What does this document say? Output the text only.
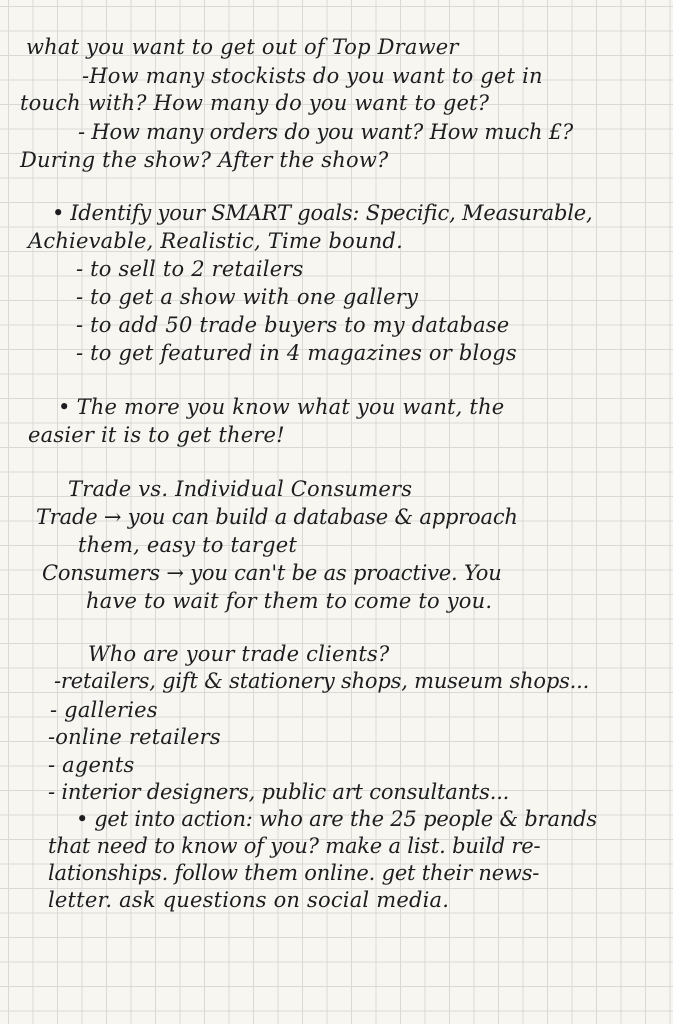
what you want to get out of Top Drawer
-How many stockists do you want to get in
touch with? How many do you want to get?
- How many orders do you want? How much £?
During the show? After the show?
• Identify your SMART goals: Specific, Measurable,
Achievable, Realistic, Time bound.
- to sell to 2 retailers
- to get a show with one gallery
- to add 50 trade buyers to my database
- to get featured in 4 magazines or blogs
• The more you know what you want, the
easier it is to get there!
Trade vs. Individual Consumers
Trade → you can build a database & approach
them, easy to target
Consumers → you can't be as proactive. You
have to wait for them to come to you.
Who are your trade clients?
-retailers, gift & stationery shops, museum shops...
- galleries
-online retailers
- agents
- interior designers, public art consultants...
• get into action: who are the 25 people & brands
that need to know of you? make a list. build re-
lationships. follow them online. get their news-
letter. ask questions on social media.
